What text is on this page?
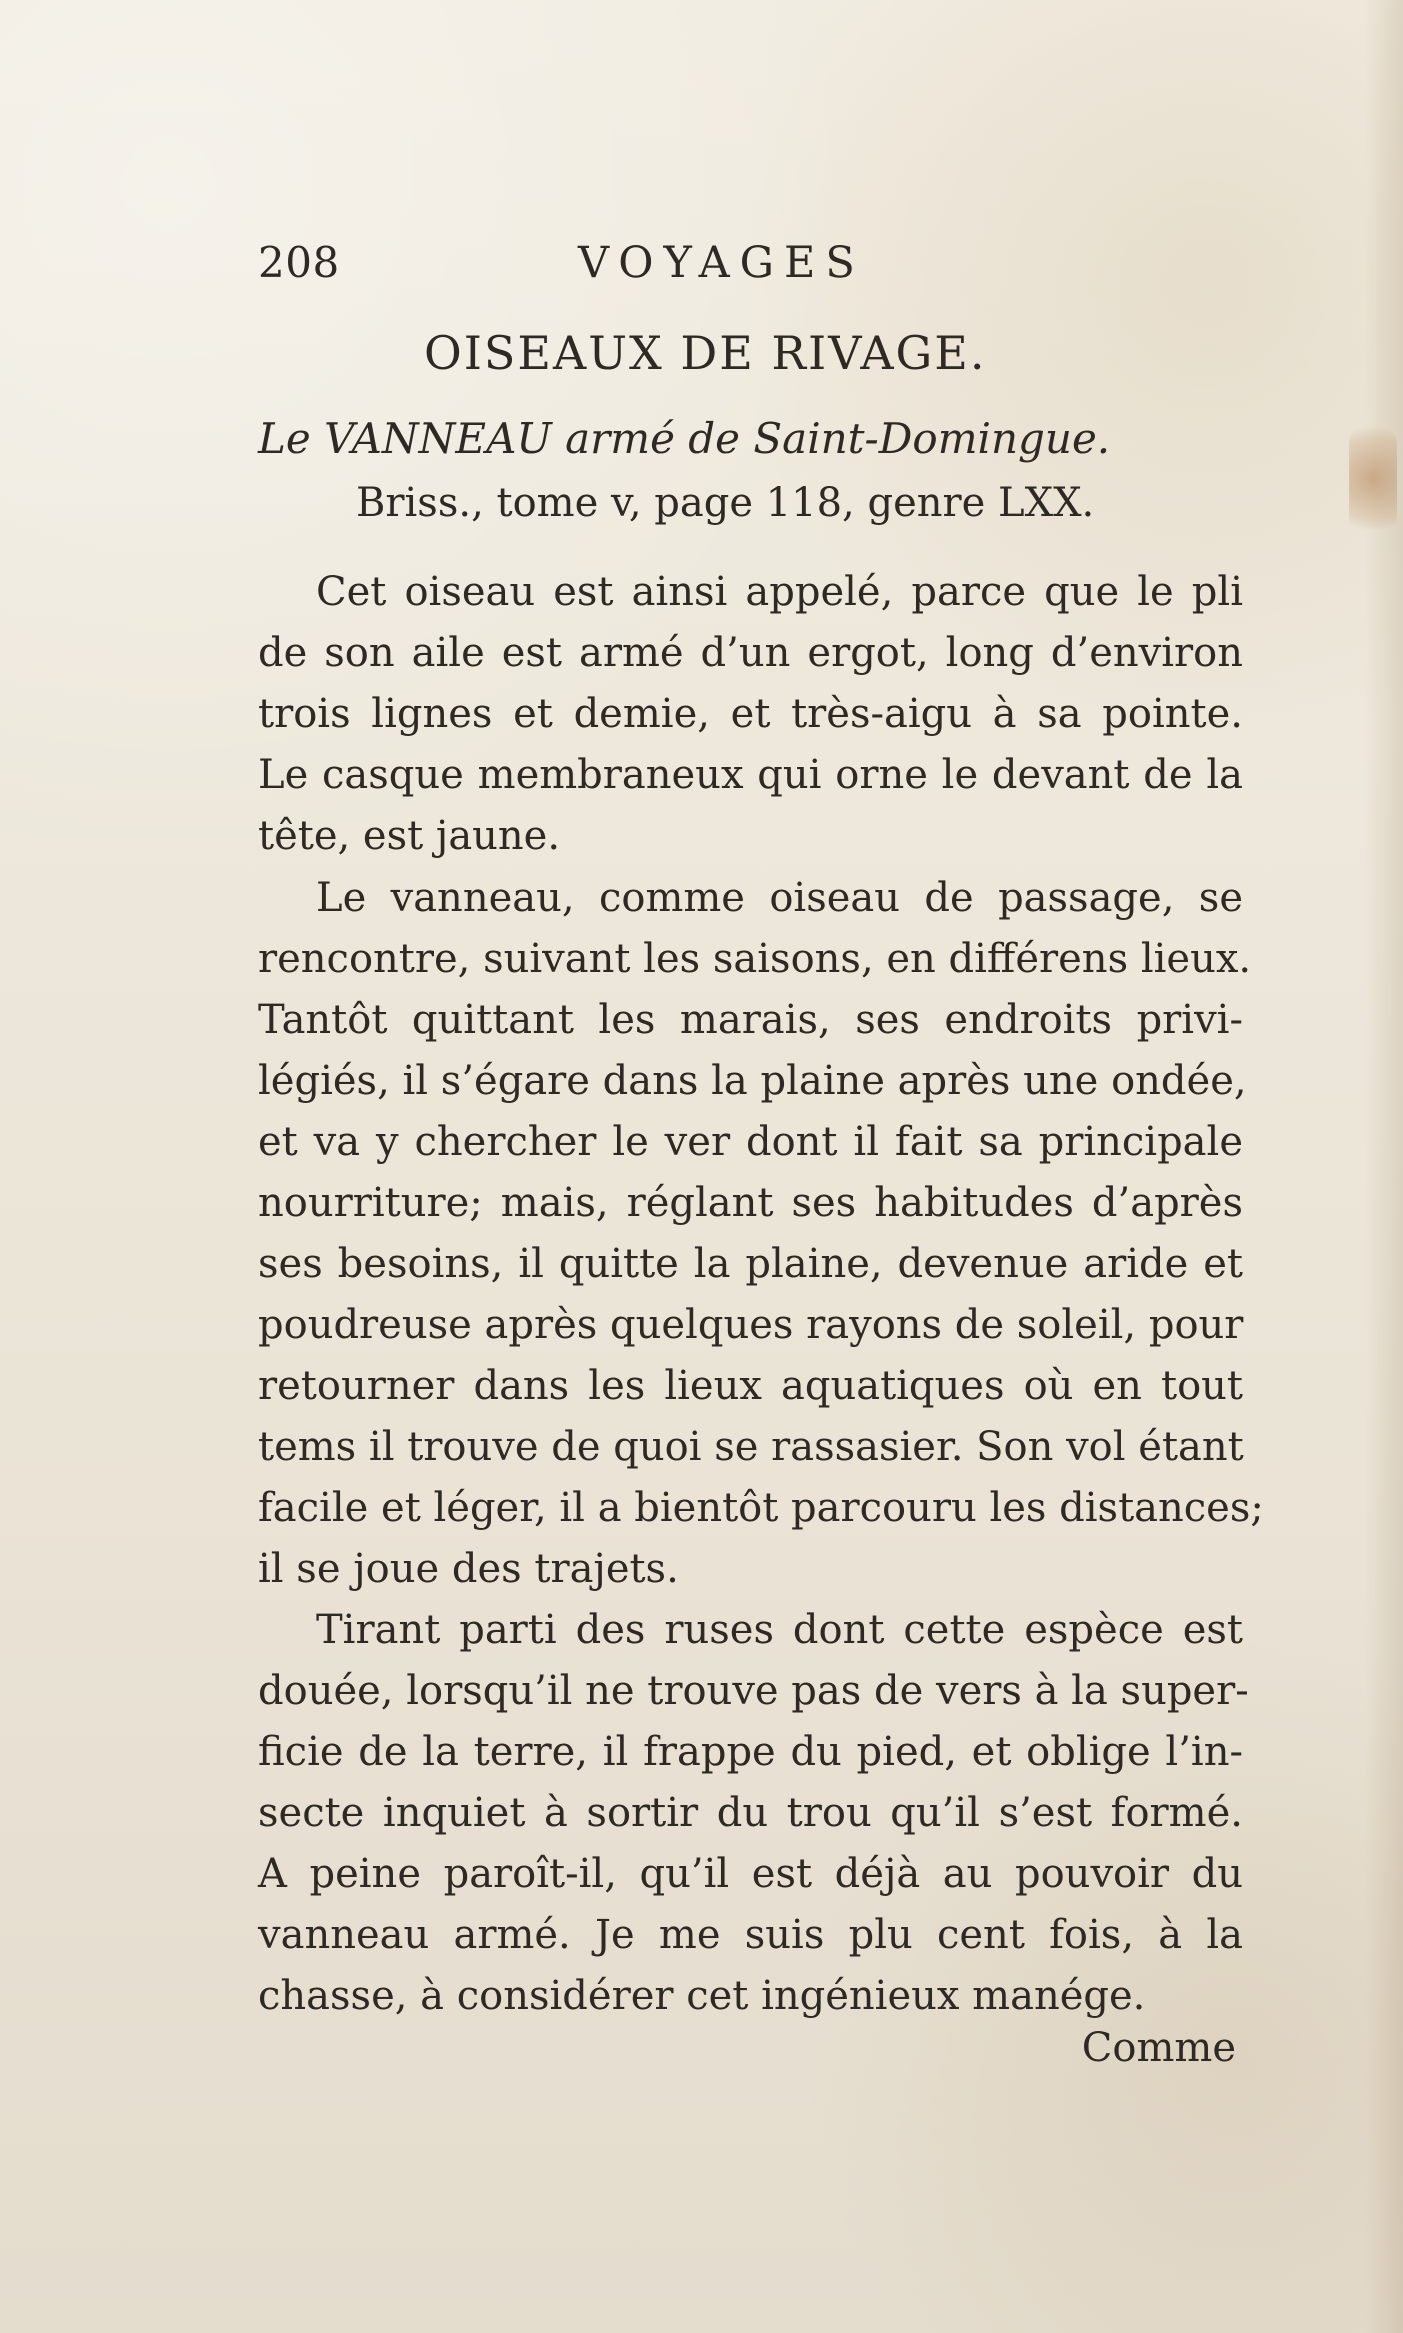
208	VOYAGES
OISEAUX DE RIVAGE.
Le VANNEAU armé de Saint-Domingue.
Briss., tome v, page 118, genre LXX.
Cet oiseau est ainsi appelé, parce que le pli
de son aile est armé d’un ergot, long d’environ
trois lignes et demie, et très-aigu à sa pointe.
Le casque membraneux qui orne le devant de la
tête, est jaune.
Le vanneau, comme oiseau de passage, se
rencontre, suivant les saisons, en différens lieux.
Tantôt quittant les marais, ses endroits privi-
légiés, il s’égare dans la plaine après une ondée,
et va y chercher le ver dont il fait sa principale
nourriture; mais, réglant ses habitudes d’après
ses besoins, il quitte la plaine, devenue aride et
poudreuse après quelques rayons de soleil, pour
retourner dans les lieux aquatiques où en tout
tems il trouve de quoi se rassasier. Son vol étant
facile et léger, il a bientôt parcouru les distances;
il se joue des trajets.
Tirant parti des ruses dont cette espèce est
douée, lorsqu’il ne trouve pas de vers à la super-
ficie de la terre, il frappe du pied, et oblige l’in-
secte inquiet à sortir du trou qu’il s’est formé.
A peine paroît-il, qu’il est déjà au pouvoir du
vanneau armé. Je me suis plu cent fois, à la
chasse, à considérer cet ingénieux manége.
Comme
